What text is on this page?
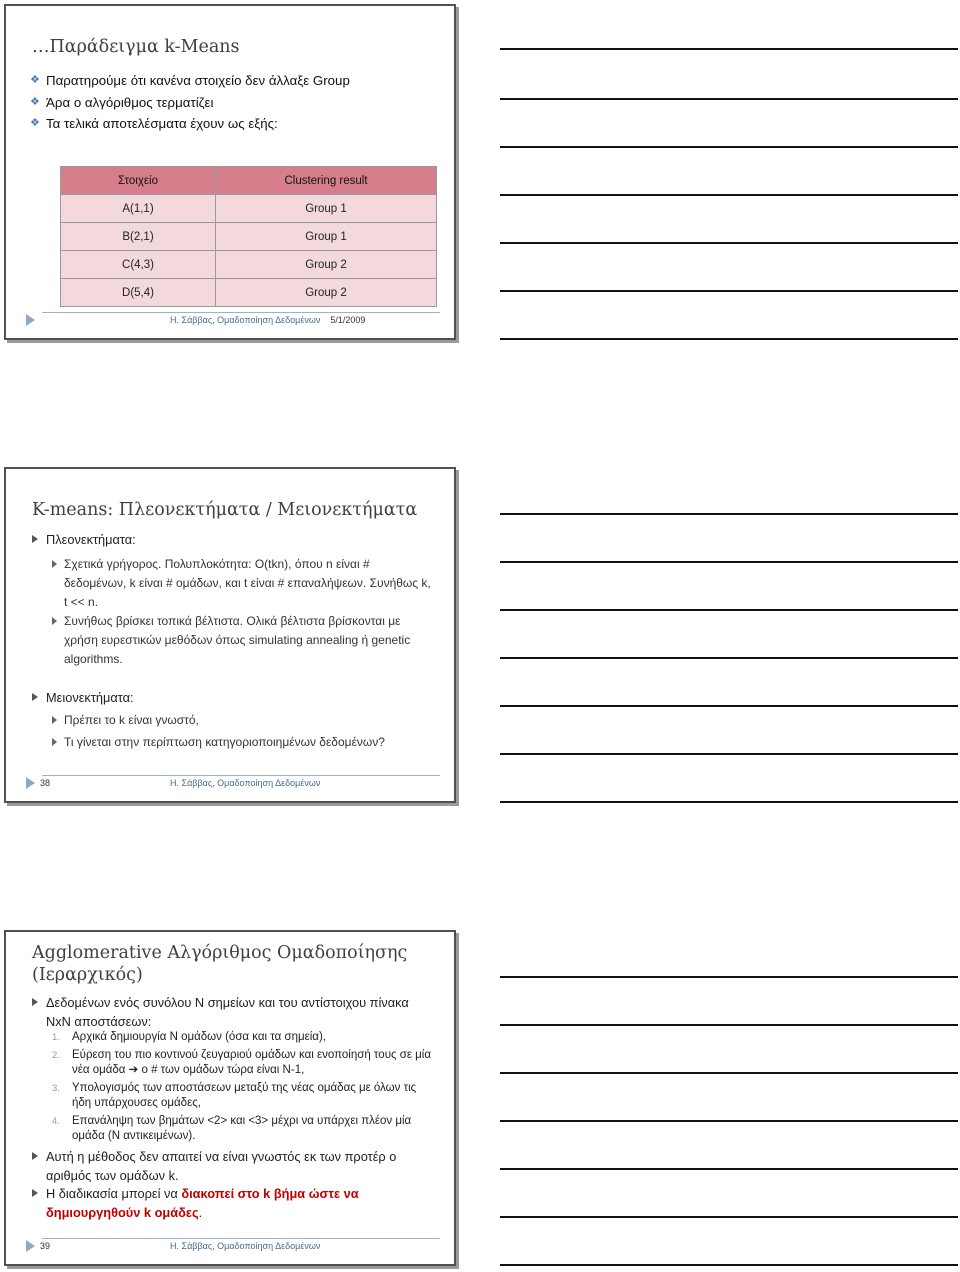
…Παράδειγμα k-Means
❖ Παρατηρούμε ότι κανένα στοιχείο δεν άλλαξε Group
❖ Άρα ο αλγόριθμος τερματίζει
❖ Τα τελικά αποτελέσματα έχουν ως εξής:
Στοιχείο	Clustering result
A(1,1)	Group 1
B(2,1)	Group 1
C(4,3)	Group 2
D(5,4)	Group 2
Η. Σάββας, Ομαδοποίηση Δεδομένων 5/1/2009
K-means: Πλεονεκτήματα / Μειονεκτήματα

Πλεονεκτήματα:

Σχετικά γρήγορος. Πολυπλοκότητα: O(tkn), όπου n είναι # δεδομένων, k είναι # ομάδων, και t είναι # επαναλήψεων. Συνήθως k, t << n.

Συνήθως βρίσκει τοπικά βέλτιστα. Ολικά βέλτιστα βρίσκονται με χρήση ευρεστικών μεθόδων όπως simulating annealing ή genetic algorithms.

Μειονεκτήματα:

Πρέπει το k είναι γνωστό,

Τι γίνεται στην περίπτωση κατηγοριοποιημένων δεδομένων?

38	Η. Σάββας, Ομαδοποίηση Δεδομένων
Agglomerative Αλγόριθμος Ομαδοποίησης (Ιεραρχικός)

Δεδομένων ενός συνόλου N σημείων και του αντίστοιχου πίνακα NxN αποστάσεων:

1.	Αρχικά δημιουργία N ομάδων (όσα και τα σημεία),

2.	Εύρεση του πιο κοντινού ζευγαριού ομάδων και ενοποίησή τους σε μία νέα ομάδα ➔ ο # των ομάδων τώρα είναι N-1,

3.	Υπολογισμός των αποστάσεων μεταξύ της νέας ομάδας με όλων τις ήδη υπάρχουσες ομάδες,

4.	Επανάληψη των βημάτων <2> και <3> μέχρι να υπάρχει πλέον μία ομάδα (N αντικειμένων).

Αυτή η μέθοδος δεν απαιτεί να είναι γνωστός εκ των προτέρ ο αριθμός των ομάδων k.

Η διαδικασία μπορεί να διακοπεί στο k βήμα ώστε να δημιουργηθούν k ομάδες.

39	Η. Σάββας, Ομαδοποίηση Δεδομένων
